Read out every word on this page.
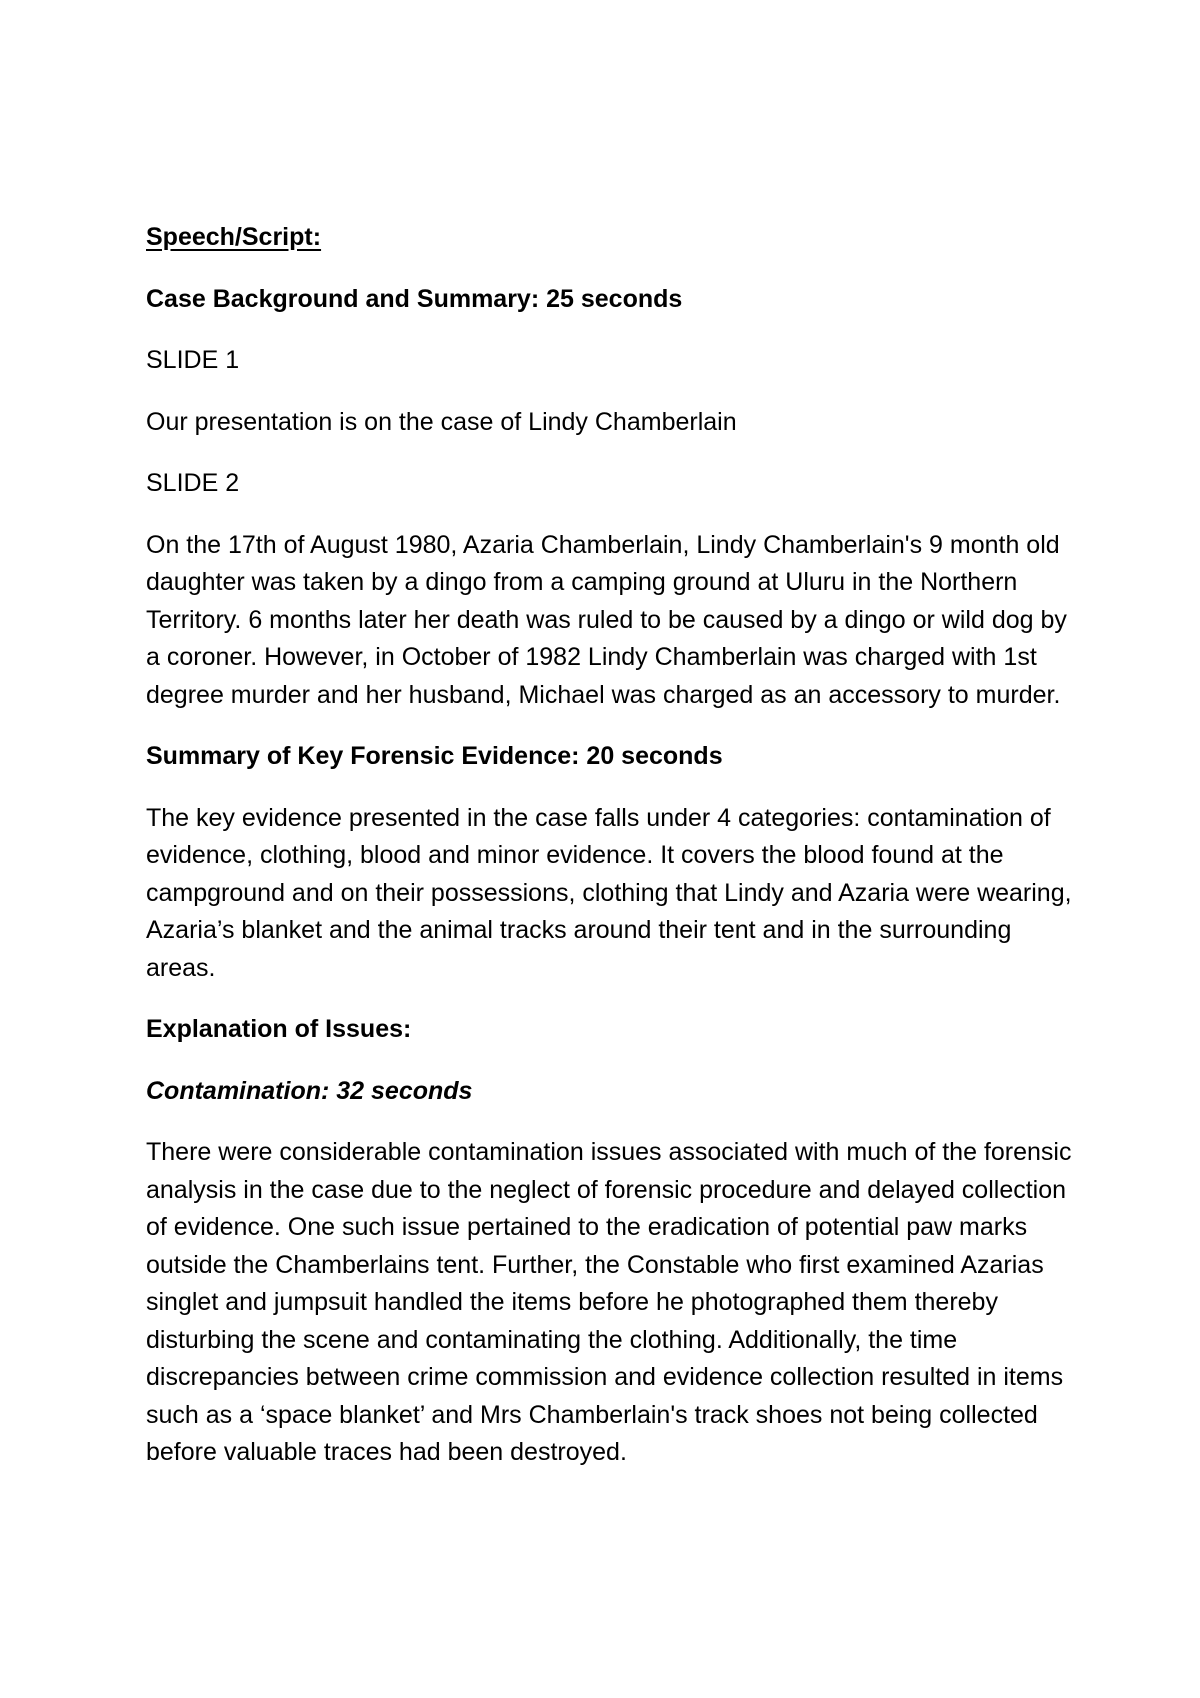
Speech/Script:

Case Background and Summary: 25 seconds

SLIDE 1

Our presentation is on the case of Lindy Chamberlain

SLIDE 2

On the 17th of August 1980, Azaria Chamberlain, Lindy Chamberlain's 9 month old daughter was taken by a dingo from a camping ground at Uluru in the Northern Territory. 6 months later her death was ruled to be caused by a dingo or wild dog by a coroner. However, in October of 1982 Lindy Chamberlain was charged with 1st degree murder and her husband, Michael was charged as an accessory to murder.

Summary of Key Forensic Evidence: 20 seconds

The key evidence presented in the case falls under 4 categories: contamination of evidence, clothing, blood and minor evidence. It covers the blood found at the campground and on their possessions, clothing that Lindy and Azaria were wearing, Azaria’s blanket and the animal tracks around their tent and in the surrounding areas.

Explanation of Issues:

Contamination: 32 seconds

There were considerable contamination issues associated with much of the forensic analysis in the case due to the neglect of forensic procedure and delayed collection of evidence. One such issue pertained to the eradication of potential paw marks outside the Chamberlains tent. Further, the Constable who first examined Azarias singlet and jumpsuit handled the items before he photographed them thereby disturbing the scene and contaminating the clothing. Additionally, the time discrepancies between crime commission and evidence collection resulted in items such as a ‘space blanket’ and Mrs Chamberlain's track shoes not being collected before valuable traces had been destroyed.
